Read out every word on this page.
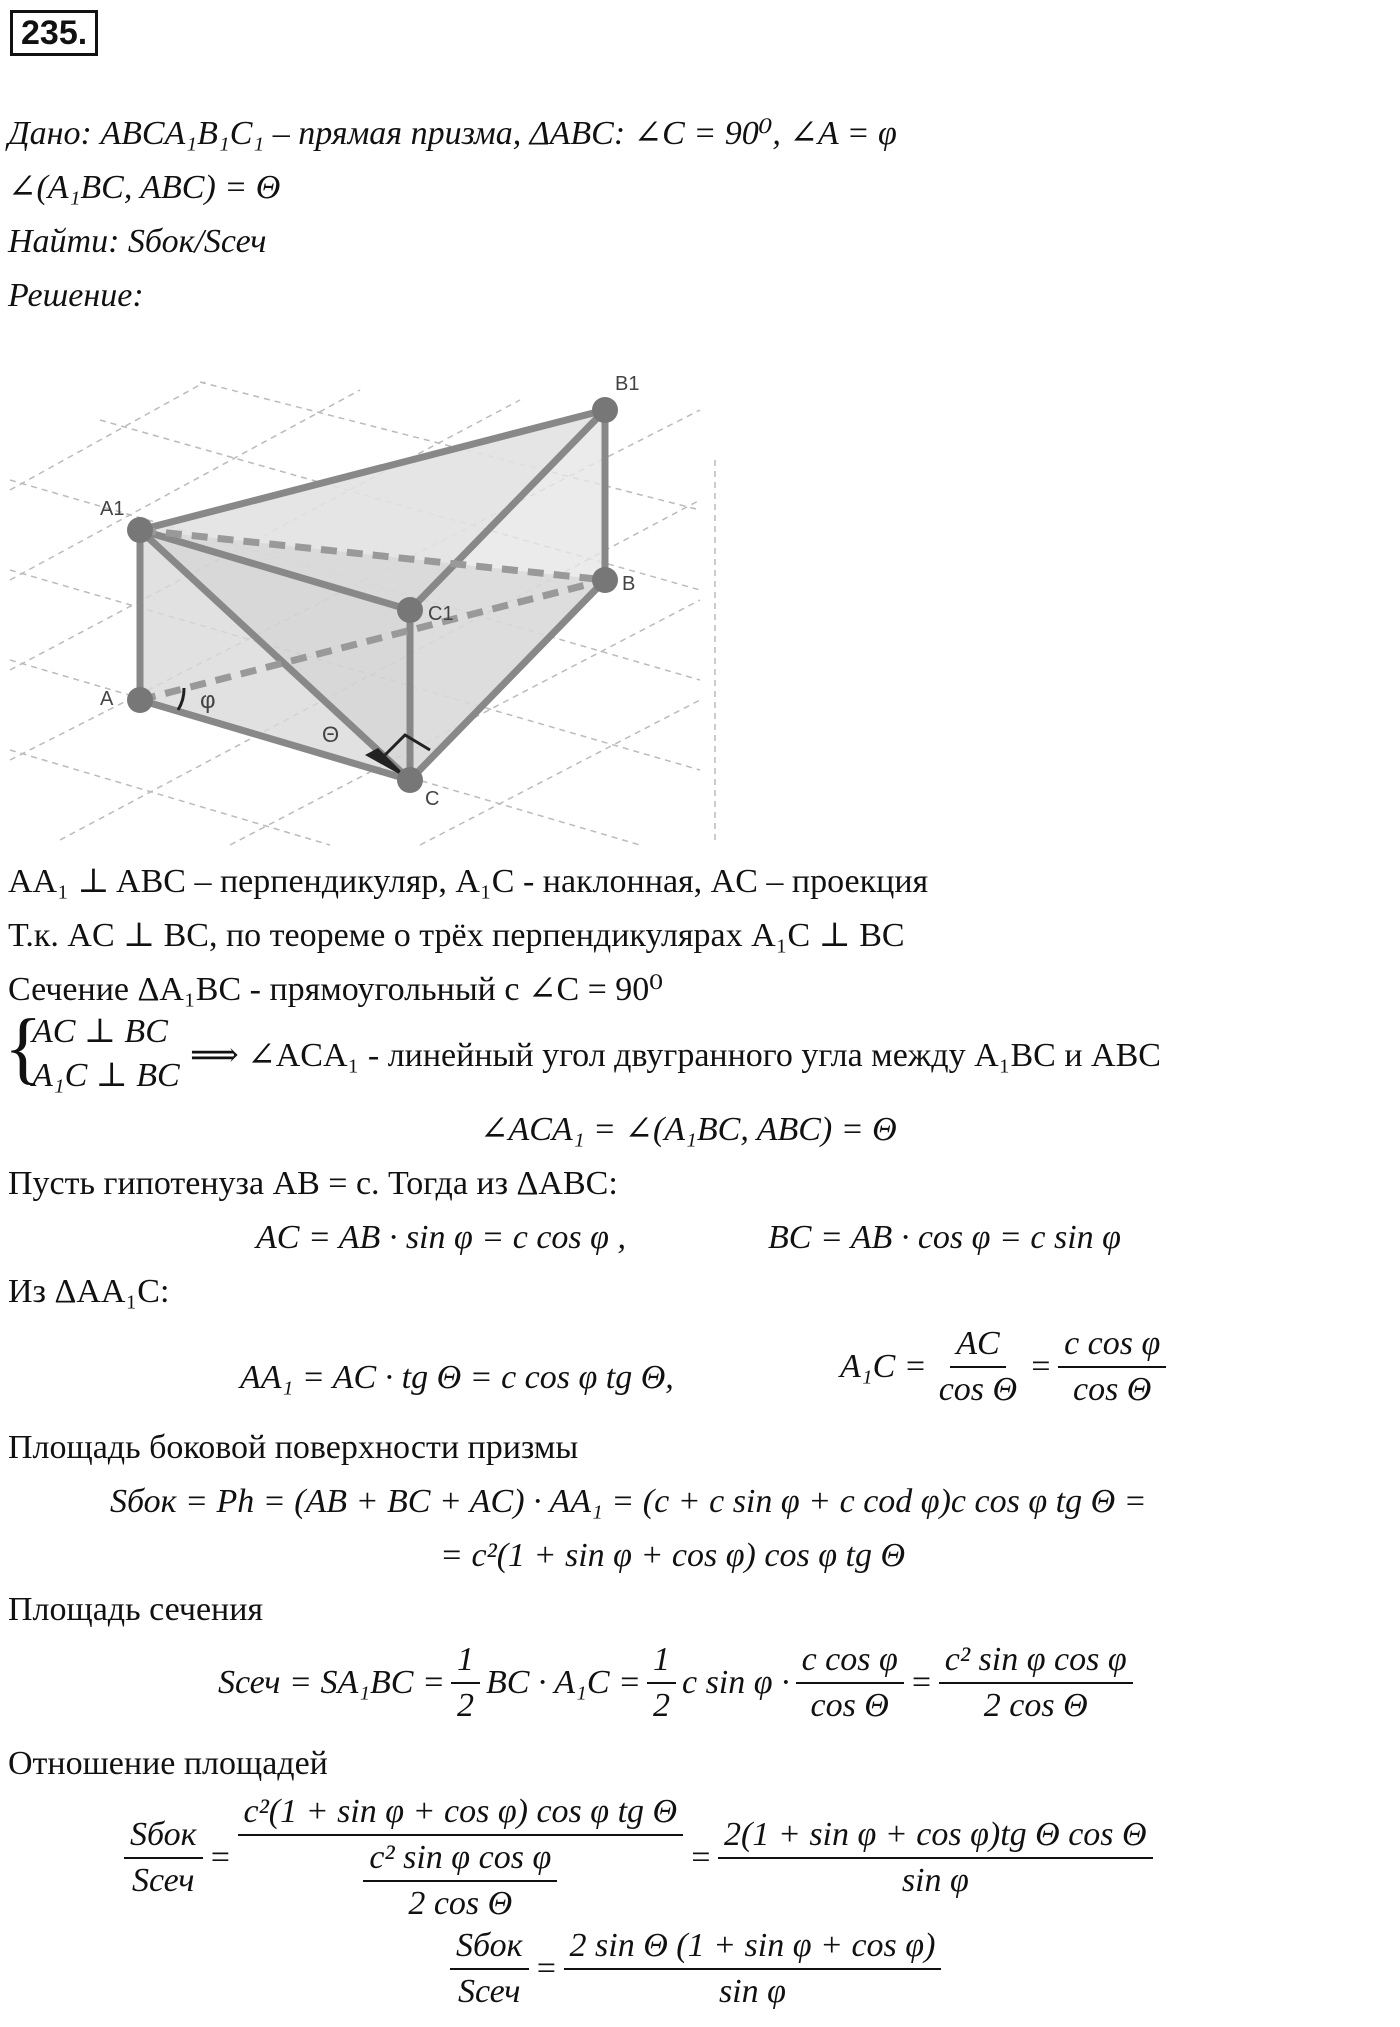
235.
Дано: ABCA₁B₁C₁ – прямая призма, ΔABC: ∠C = 90⁰, ∠A = φ
∠(A₁BC, ABC) = Θ
Найти: Sбок/Sсеч
Решение:
A1
B1
C1
A
B
C
φ
Θ
AA₁ ⊥ ABC – перпендикуляр, A₁C - наклонная, AC – проекция
Т.к. AC ⊥ BC, по теореме о трёх перпендикулярах A₁C ⊥ BC
Сечение ΔA₁BC - прямоугольный с ∠C = 90⁰
{
AC ⊥ BC
A₁C ⊥ BC
⟹ ∠ACA₁ - линейный угол двугранного угла между A₁BC и ABC
∠ACA₁ = ∠(A₁BC, ABC) = Θ
Пусть гипотенуза AB = c. Тогда из ΔABC:
AC = AB · sin φ = c cos φ ,	BC = AB · cos φ = c sin φ
Из ΔAA₁C:
AA₁ = AC · tg Θ = c cos φ tg Θ,	$A_1C = \frac{AC}{\text{cos Θ}} = \frac{\text{c cos φ}}{\text{cos Θ}}$
Площадь боковой поверхности призмы
Sбок = Ph = (AB + BC + AC) · AA₁ = (c + c sin φ + c cod φ)c cos φ tg Θ =
= c²(1 + sin φ + cos φ) cos φ tg Θ
Площадь сечения
Sсеч = $SA_1BC = \frac{1}{2}$ BC · $A_1C = \frac{1}{2}$ c $\sin \varphi \cdot \frac{\text{c cos φ}}{\text{cos Θ}} = \frac{\text{c² sin φ cos φ}}{\text{2 cos Θ}}$
Отношение площадей
$\frac{\text{Sбок}}{\text{Sсеч}} = \frac{\text{c²(1 + sin φ + cos φ) cos φ tg Θ}}{\frac{\text{c² sin φ cos φ}}{\text{2 cos Θ}}} = \frac{\text{2(1 + sin φ + cos φ)tg Θ cos Θ}}{\text{sin φ}}$
$\frac{\text{Sбок}}{\text{Sсеч}} = \frac{\text{2 sin Θ (1 + sin φ + cos φ)}}{\text{sin φ}}$
